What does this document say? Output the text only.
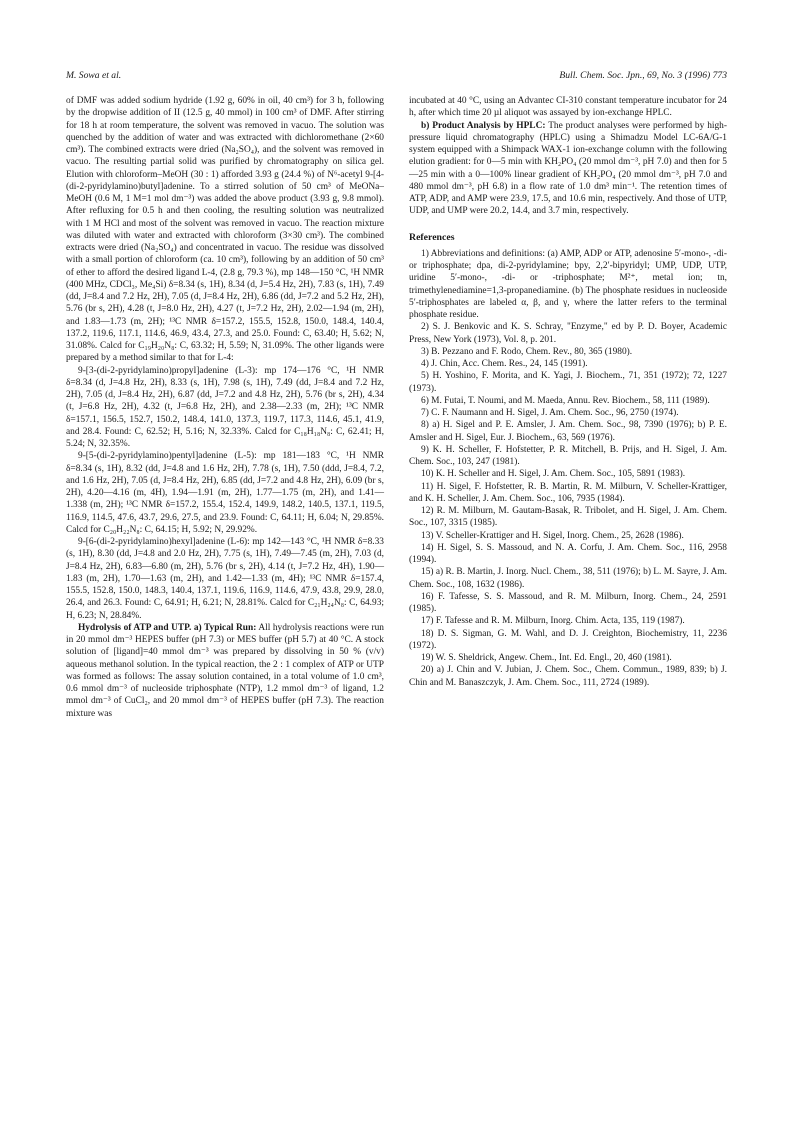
M. Sowa et al.	Bull. Chem. Soc. Jpn., 69, No. 3 (1996) 773

of DMF was added sodium hydride (1.92 g, 60% in oil, 40 cm³) for 3 h, following by the dropwise addition of II (12.5 g, 40 mmol) in 100 cm³ of DMF. After stirring for 18 h at room temperature, the solvent was removed in vacuo. The solution was quenched by the addition of water and was extracted with dichloromethane (2×60 cm³). The combined extracts were dried (Na₂SO₄), and the solvent was removed in vacuo. The resulting partial solid was purified by chromatography on silica gel. Elution with chloroform–MeOH (30 : 1) afforded 3.93 g (24.4 %) of N⁶-acetyl 9-[4-(di-2-pyridylamino)butyl]adenine. To a stirred solution of 50 cm³ of MeONa–MeOH (0.6 M, 1 M=1 mol dm⁻³) was added the above product (3.93 g, 9.8 mmol). After refluxing for 0.5 h and then cooling, the resulting solution was neutralized with 1 M HCl and most of the solvent was removed in vacuo. The reaction mixture was diluted with water and extracted with chloroform (3×30 cm³). The combined extracts were dried (Na₂SO₄) and concentrated in vacuo. The residue was dissolved with a small portion of chloroform (ca. 10 cm³), following by an addition of 50 cm³ of ether to afford the desired ligand L-4, (2.8 g, 79.3 %), mp 148—150 °C, ¹H NMR (400 MHz, CDCl₃, Me₄Si) δ=8.34 (s, 1H), 8.34 (d, J=5.4 Hz, 2H), 7.83 (s, 1H), 7.49 (dd, J=8.4 and 7.2 Hz, 2H), 7.05 (d, J=8.4 Hz, 2H), 6.86 (dd, J=7.2 and 5.2 Hz, 2H), 5.76 (br s, 2H), 4.28 (t, J=8.0 Hz, 2H), 4.27 (t, J=7.2 Hz, 2H), 2.02—1.94 (m, 2H), and 1.83—1.73 (m, 2H); ¹³C NMR δ=157.2, 155.5, 152.8, 150.0, 148.4, 140.4, 137.2, 119.6, 117.1, 114.6, 46.9, 43.4, 27.3, and 25.0. Found: C, 63.40; H, 5.62; N, 31.08%. Calcd for C₁₉H₂₀N₈: C, 63.32; H, 5.59; N, 31.09%. The other ligands were prepared by a method similar to that for L-4:

9-[3-(di-2-pyridylamino)propyl]adenine (L-3): mp 174—176 °C, ¹H NMR δ=8.34 (d, J=4.8 Hz, 2H), 8.33 (s, 1H), 7.98 (s, 1H), 7.49 (dd, J=8.4 and 7.2 Hz, 2H), 7.05 (d, J=8.4 Hz, 2H), 6.87 (dd, J=7.2 and 4.8 Hz, 2H), 5.76 (br s, 2H), 4.34 (t, J=6.8 Hz, 2H), 4.32 (t, J=6.8 Hz, 2H), and 2.38—2.33 (m, 2H); ¹³C NMR δ=157.1, 156.5, 152.7, 150.2, 148.4, 141.0, 137.3, 119.7, 117.3, 114.6, 45.1, 41.9, and 28.4. Found: C, 62.52; H, 5.16; N, 32.33%. Calcd for C₁₈H₁₈N₈: C, 62.41; H, 5.24; N, 32.35%.

9-[5-(di-2-pyridylamino)pentyl]adenine (L-5): mp 181—183 °C, ¹H NMR δ=8.34 (s, 1H), 8.32 (dd, J=4.8 and 1.6 Hz, 2H), 7.78 (s, 1H), 7.50 (ddd, J=8.4, 7.2, and 1.6 Hz, 2H), 7.05 (d, J=8.4 Hz, 2H), 6.85 (dd, J=7.2 and 4.8 Hz, 2H), 6.09 (br s, 2H), 4.20—4.16 (m, 4H), 1.94—1.91 (m, 2H), 1.77—1.75 (m, 2H), and 1.41—1.338 (m, 2H); ¹³C NMR δ=157.2, 155.4, 152.4, 149.9, 148.2, 140.5, 137.1, 119.5, 116.9, 114.5, 47.6, 43.7, 29.6, 27.5, and 23.9. Found: C, 64.11; H, 6.04; N, 29.85%. Calcd for C₂₀H₂₂N₈: C, 64.15; H, 5.92; N, 29.92%.

9-[6-(di-2-pyridylamino)hexyl]adenine (L-6): mp 142—143 °C, ¹H NMR δ=8.33 (s, 1H), 8.30 (dd, J=4.8 and 2.0 Hz, 2H), 7.75 (s, 1H), 7.49—7.45 (m, 2H), 7.03 (d, J=8.4 Hz, 2H), 6.83—6.80 (m, 2H), 5.76 (br s, 2H), 4.14 (t, J=7.2 Hz, 4H), 1.90—1.83 (m, 2H), 1.70—1.63 (m, 2H), and 1.42—1.33 (m, 4H); ¹³C NMR δ=157.4, 155.5, 152.8, 150.0, 148.3, 140.4, 137.1, 119.6, 116.9, 114.6, 47.9, 43.8, 29.9, 28.0, 26.4, and 26.3. Found: C, 64.91; H, 6.21; N, 28.81%. Calcd for C₂₁H₂₄N₈: C, 64.93; H, 6.23; N, 28.84%.

Hydrolysis of ATP and UTP. a) Typical Run: All hydrolysis reactions were run in 20 mmol dm⁻³ HEPES buffer (pH 7.3) or MES buffer (pH 5.7) at 40 °C. A stock solution of [ligand]=40 mmol dm⁻³ was prepared by dissolving in 50 % (v/v) aqueous methanol solution. In the typical reaction, the 2 : 1 complex of ATP or UTP was formed as follows: The assay solution contained, in a total volume of 1.0 cm³, 0.6 mmol dm⁻³ of nucleoside triphosphate (NTP), 1.2 mmol dm⁻³ of ligand, 1.2 mmol dm⁻³ of CuCl₂, and 20 mmol dm⁻³ of HEPES buffer (pH 7.3). The reaction mixture was

incubated at 40 °C, using an Advantec CI-310 constant temperature incubator for 24 h, after which time 20 µl aliquot was assayed by ion-exchange HPLC.

b) Product Analysis by HPLC: The product analyses were performed by high-pressure liquid chromatography (HPLC) using a Shimadzu Model LC-6A/G-1 system equipped with a Shimpack WAX-1 ion-exchange column with the following elution gradient: for 0—5 min with KH₂PO₄ (20 mmol dm⁻³, pH 7.0) and then for 5—25 min with a 0—100% linear gradient of KH₂PO₄ (20 mmol dm⁻³, pH 7.0 and 480 mmol dm⁻³, pH 6.8) in a flow rate of 1.0 dm³ min⁻¹. The retention times of ATP, ADP, and AMP were 23.9, 17.5, and 10.6 min, respectively. And those of UTP, UDP, and UMP were 20.2, 14.4, and 3.7 min, respectively.

References

1) Abbreviations and definitions: (a) AMP, ADP or ATP, adenosine 5′-mono-, -di- or triphosphate; dpa, di-2-pyridylamine; bpy, 2,2′-bipyridyl; UMP, UDP, UTP, uridine 5′-mono-, -di- or -triphosphate; M²⁺, metal ion; tn, trimethylenediamine=1,3-propanediamine. (b) The phosphate residues in nucleoside 5′-triphosphates are labeled α, β, and γ, where the latter refers to the terminal phosphate residue.

2) S. J. Benkovic and K. S. Schray, "Enzyme," ed by P. D. Boyer, Academic Press, New York (1973), Vol. 8, p. 201.

3) B. Pezzano and F. Rodo, Chem. Rev., 80, 365 (1980).

4) J. Chin, Acc. Chem. Res., 24, 145 (1991).

5) H. Yoshino, F. Morita, and K. Yagi, J. Biochem., 71, 351 (1972); 72, 1227 (1973).

6) M. Futai, T. Noumi, and M. Maeda, Annu. Rev. Biochem., 58, 111 (1989).

7) C. F. Naumann and H. Sigel, J. Am. Chem. Soc., 96, 2750 (1974).

8) a) H. Sigel and P. E. Amsler, J. Am. Chem. Soc., 98, 7390 (1976); b) P. E. Amsler and H. Sigel, Eur. J. Biochem., 63, 569 (1976).

9) K. H. Scheller, F. Hofstetter, P. R. Mitchell, B. Prijs, and H. Sigel, J. Am. Chem. Soc., 103, 247 (1981).

10) K. H. Scheller and H. Sigel, J. Am. Chem. Soc., 105, 5891 (1983).

11) H. Sigel, F. Hofstetter, R. B. Martin, R. M. Milburn, V. Scheller-Krattiger, and K. H. Scheller, J. Am. Chem. Soc., 106, 7935 (1984).

12) R. M. Milburn, M. Gautam-Basak, R. Tribolet, and H. Sigel, J. Am. Chem. Soc., 107, 3315 (1985).

13) V. Scheller-Krattiger and H. Sigel, Inorg. Chem., 25, 2628 (1986).

14) H. Sigel, S. S. Massoud, and N. A. Corfu, J. Am. Chem. Soc., 116, 2958 (1994).

15) a) R. B. Martin, J. Inorg. Nucl. Chem., 38, 511 (1976); b) L. M. Sayre, J. Am. Chem. Soc., 108, 1632 (1986).

16) F. Tafesse, S. S. Massoud, and R. M. Milburn, Inorg. Chem., 24, 2591 (1985).

17) F. Tafesse and R. M. Milburn, Inorg. Chim. Acta, 135, 119 (1987).

18) D. S. Sigman, G. M. Wahl, and D. J. Creighton, Biochemistry, 11, 2236 (1972).

19) W. S. Sheldrick, Angew. Chem., Int. Ed. Engl., 20, 460 (1981).

20) a) J. Chin and V. Jubian, J. Chem. Soc., Chem. Commun., 1989, 839; b) J. Chin and M. Banaszczyk, J. Am. Chem. Soc., 111, 2724 (1989).
